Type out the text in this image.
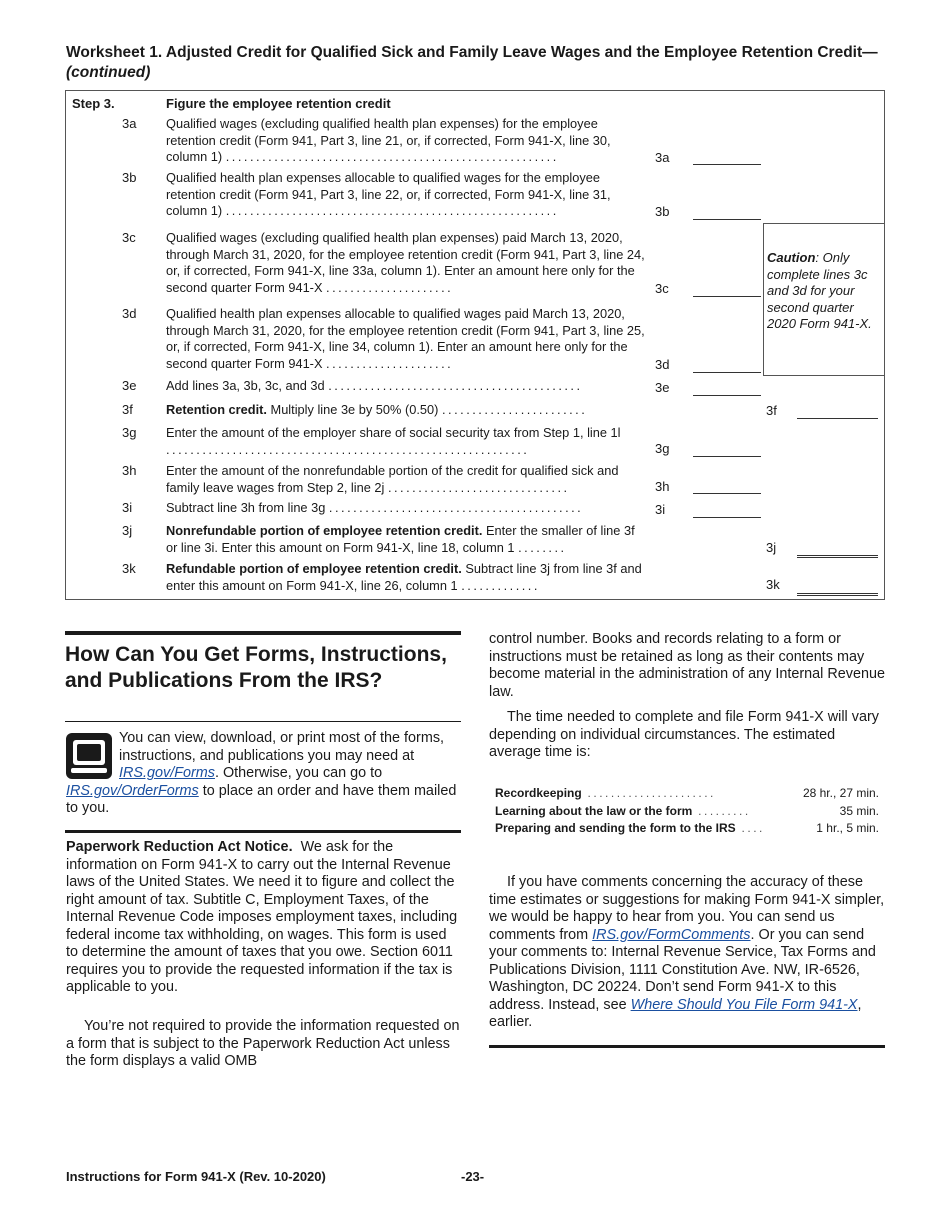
Worksheet 1. Adjusted Credit for Qualified Sick and Family Leave Wages and the Employee Retention Credit—(continued)
Step 3.	Figure the employee retention credit
Caution: Only complete lines 3c and 3d for your second quarter 2020 Form 941-X.
3a Qualified wages (excluding qualified health plan expenses) for the employee retention credit (Form 941, Part 3, line 21, or, if corrected, Form 941-X, line 30, column 1) .......................................................	3a
3b Qualified health plan expenses allocable to qualified wages for the employee retention credit (Form 941, Part 3, line 22, or, if corrected, Form 941-X, line 31, column 1) .......................................................	3b
3c Qualified wages (excluding qualified health plan expenses) paid March 13, 2020, through March 31, 2020, for the employee retention credit (Form 941, Part 3, line 24, or, if corrected, Form 941-X, line 33a, column 1). Enter an amount here only for the second quarter Form 941-X .....................	3c
3d Qualified health plan expenses allocable to qualified wages paid March 13, 2020, through March 31, 2020, for the employee retention credit (Form 941, Part 3, line 25, or, if corrected, Form 941-X, line 34, column 1). Enter an amount here only for the second quarter Form 941-X .....................	3d
3e Add lines 3a, 3b, 3c, and 3d ..........................................	3e
3f	Retention credit. Multiply line 3e by 50% (0.50) ........................	3f
3g Enter the amount of the employer share of social security tax from Step 1, line 1l ............................................................	3g
3h Enter the amount of the nonrefundable portion of the credit for qualified sick and family leave wages from Step 2, line 2j ..............................	3h
3i	Subtract line 3h from line 3g ..........................................	3i
3j	Nonrefundable portion of employee retention credit. Enter the smaller of line 3f or line 3i. Enter this amount on Form 941-X, line 18, column 1 ........	3j
3k Refundable portion of employee retention credit. Subtract line 3j from line 3f and enter this amount on Form 941-X, line 26, column 1 .............	3k
How Can You Get Forms, Instructions, and Publications From the IRS?
You can view, download, or print most of the forms, instructions, and publications you may need at IRS.gov/Forms. Otherwise, you can go to IRS.gov/OrderForms to place an order and have them mailed to you.
Paperwork Reduction Act Notice. We ask for the information on Form 941-X to carry out the Internal Revenue laws of the United States. We need it to figure and collect the right amount of tax. Subtitle C, Employment Taxes, of the Internal Revenue Code imposes employment taxes, including federal income tax withholding, on wages. This form is used to determine the amount of taxes that you owe. Section 6011 requires you to provide the requested information if the tax is applicable to you.
You’re not required to provide the information requested on a form that is subject to the Paperwork Reduction Act unless the form displays a valid OMB
control number. Books and records relating to a form or instructions must be retained as long as their contents may become material in the administration of any Internal Revenue law.
The time needed to complete and file Form 941-X will vary depending on individual circumstances. The estimated average time is:
Recordkeeping ......................	28 hr., 27 min.
Learning about the law or the form .........	35 min.
Preparing and sending the form to the IRS ....	1 hr., 5 min.
If you have comments concerning the accuracy of these time estimates or suggestions for making Form 941-X simpler, we would be happy to hear from you. You can send us comments from IRS.gov/FormComments. Or you can send your comments to: Internal Revenue Service, Tax Forms and Publications Division, 1111 Constitution Ave. NW, IR-6526, Washington, DC 20224. Don’t send Form 941-X to this address. Instead, see Where Should You File Form 941-X, earlier.
Instructions for Form 941-X (Rev. 10-2020)	-23-
